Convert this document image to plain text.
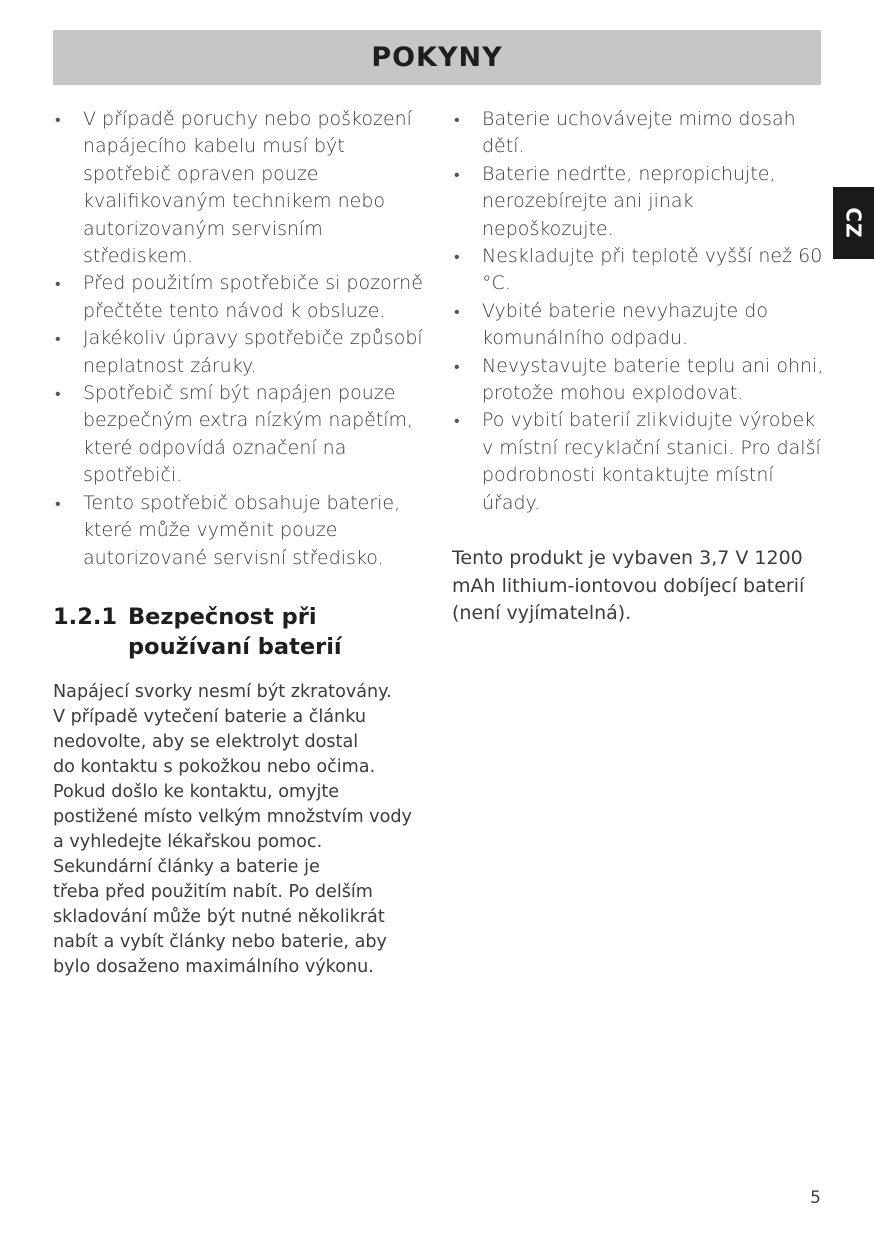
POKYNY
CZ
• V případě poruchy nebo poškození napájecího kabelu musí být spotřebič opraven pouze kvalifikovaným technikem nebo autorizovaným servisním střediskem.
• Před použitím spotřebiče si pozorně přečtěte tento návod k obsluze.
• Jakékoliv úpravy spotřebiče způsobí neplatnost záruky.
• Spotřebič smí být napájen pouze bezpečným extra nízkým napětím, které odpovídá označení na spotřebiči.
• Tento spotřebič obsahuje baterie, které může vyměnit pouze autorizované servisní středisko.
1.2.1 Bezpečnost při používaní baterií

Napájecí svorky nesmí být zkratovány.
V případě vytečení baterie a článku
nedovolte, aby se elektrolyt dostal
do kontaktu s pokožkou nebo očima.
Pokud došlo ke kontaktu, omyjte
postižené místo velkým množstvím vody
a vyhledejte lékařskou pomoc.
Sekundární články a baterie je
třeba před použitím nabít. Po delším
skladování může být nutné několikrát
nabít a vybít články nebo baterie, aby
bylo dosaženo maximálního výkonu.

• Baterie uchovávejte mimo dosah dětí.
• Baterie nedrťte, nepropichujte, nerozebírejte ani jinak nepoškozujte.
• Neskladujte při teplotě vyšší než 60 °C.
• Vybité baterie nevyhazujte do komunálního odpadu.
• Nevystavujte baterie teplu ani ohni, protože mohou explodovat.
• Po vybití baterií zlikvidujte výrobek v místní recyklační stanici. Pro další podrobnosti kontaktujte místní úřady.

Tento produkt je vybaven 3,7 V 1200 mAh lithium-iontovou dobíjecí baterií (není vyjímatelná).

5
